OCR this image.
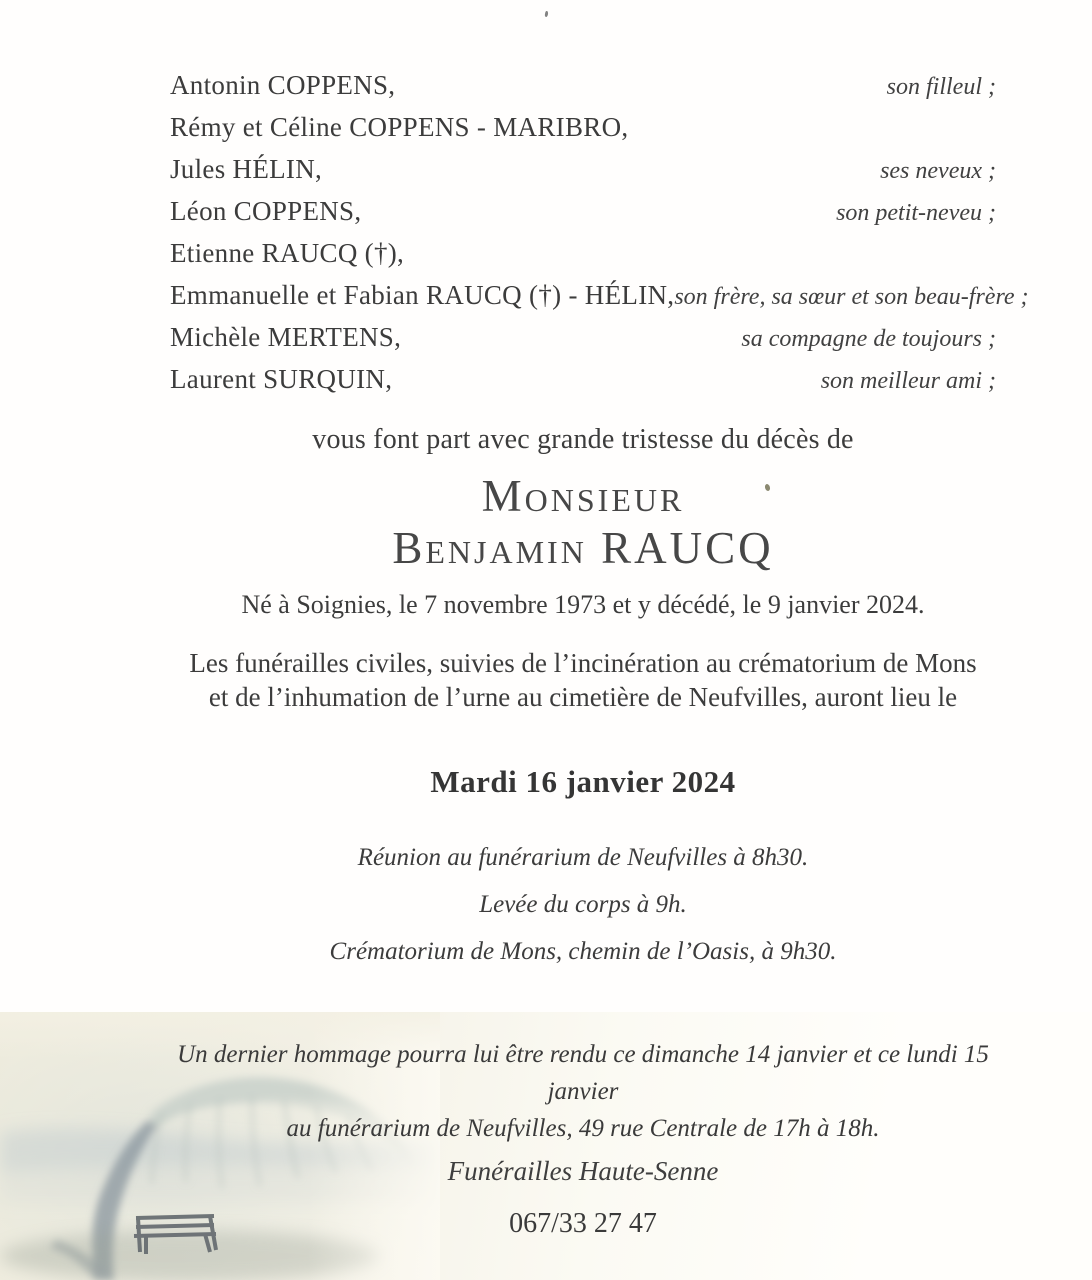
Antonin COPPENS,	son filleul ;
Rémy et Céline COPPENS - MARIBRO,
Jules HÉLIN,	ses neveux ;
Léon COPPENS,	son petit-neveu ;
Etienne RAUCQ (†),
Emmanuelle et Fabian RAUCQ (†) - HÉLIN, son frère, sa sœur et son beau-frère ;
Michèle MERTENS,	sa compagne de toujours ;
Laurent SURQUIN,	son meilleur ami ;
vous font part avec grande tristesse du décès de
Monsieur
Benjamin RAUCQ
Né à Soignies, le 7 novembre 1973 et y décédé, le 9 janvier 2024.
Les funérailles civiles, suivies de l’incinération au crématorium de Mons
et de l’inhumation de l’urne au cimetière de Neufvilles, auront lieu le
Mardi 16 janvier 2024
Réunion au funérarium de Neufvilles à 8h30.
Levée du corps à 9h.
Crématorium de Mons, chemin de l’Oasis, à 9h30.
Un dernier hommage pourra lui être rendu ce dimanche 14 janvier et ce lundi 15 janvier
au funérarium de Neufvilles, 49 rue Centrale de 17h à 18h.
Funérailles Haute-Senne
067/33 27 47
